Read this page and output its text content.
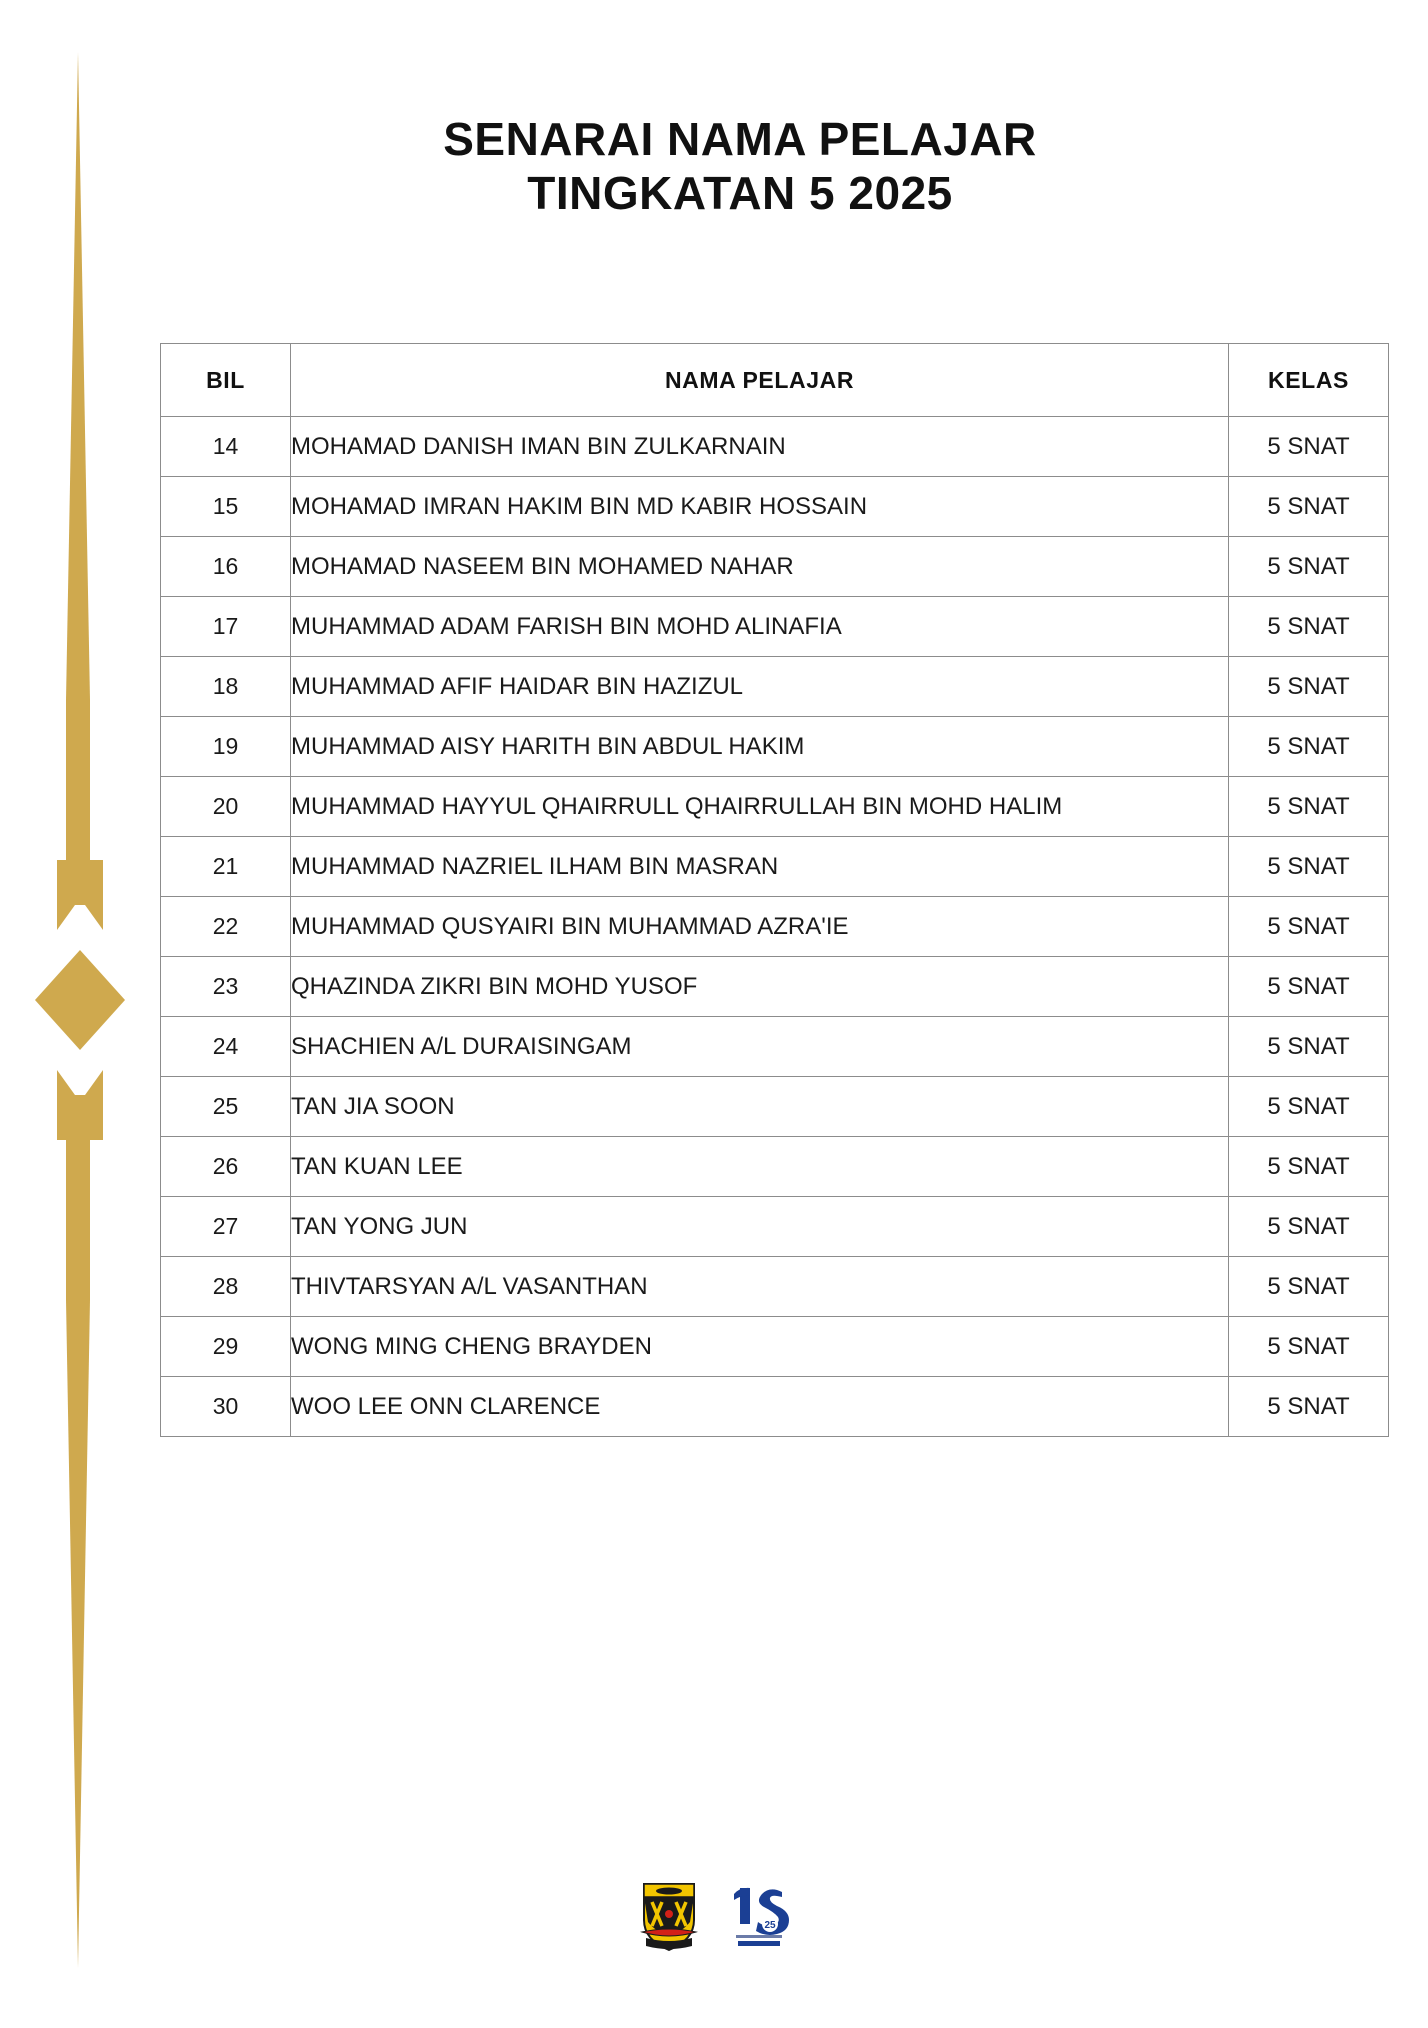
SENARAI NAMA PELAJAR
TINGKATAN 5 2025
BIL	NAMA PELAJAR	KELAS
14	MOHAMAD DANISH IMAN BIN ZULKARNAIN	5 SNAT
15	MOHAMAD IMRAN HAKIM BIN MD KABIR HOSSAIN	5 SNAT
16	MOHAMAD NASEEM BIN MOHAMED NAHAR	5 SNAT
17	MUHAMMAD ADAM FARISH BIN MOHD ALINAFIA	5 SNAT
18	MUHAMMAD AFIF HAIDAR BIN HAZIZUL	5 SNAT
19	MUHAMMAD AISY HARITH BIN ABDUL HAKIM	5 SNAT
20	MUHAMMAD HAYYUL QHAIRRULL QHAIRRULLAH BIN MOHD HALIM	5 SNAT
21	MUHAMMAD NAZRIEL ILHAM BIN MASRAN	5 SNAT
22	MUHAMMAD QUSYAIRI BIN MUHAMMAD AZRA'IE	5 SNAT
23	QHAZINDA ZIKRI BIN MOHD YUSOF	5 SNAT
24	SHACHIEN A/L DURAISINGAM	5 SNAT
25	TAN JIA SOON	5 SNAT
26	TAN KUAN LEE	5 SNAT
27	TAN YONG JUN	5 SNAT
28	THIVTARSYAN A/L VASANTHAN	5 SNAT
29	WONG MING CHENG BRAYDEN	5 SNAT
30	WOO LEE ONN CLARENCE	5 SNAT
25
